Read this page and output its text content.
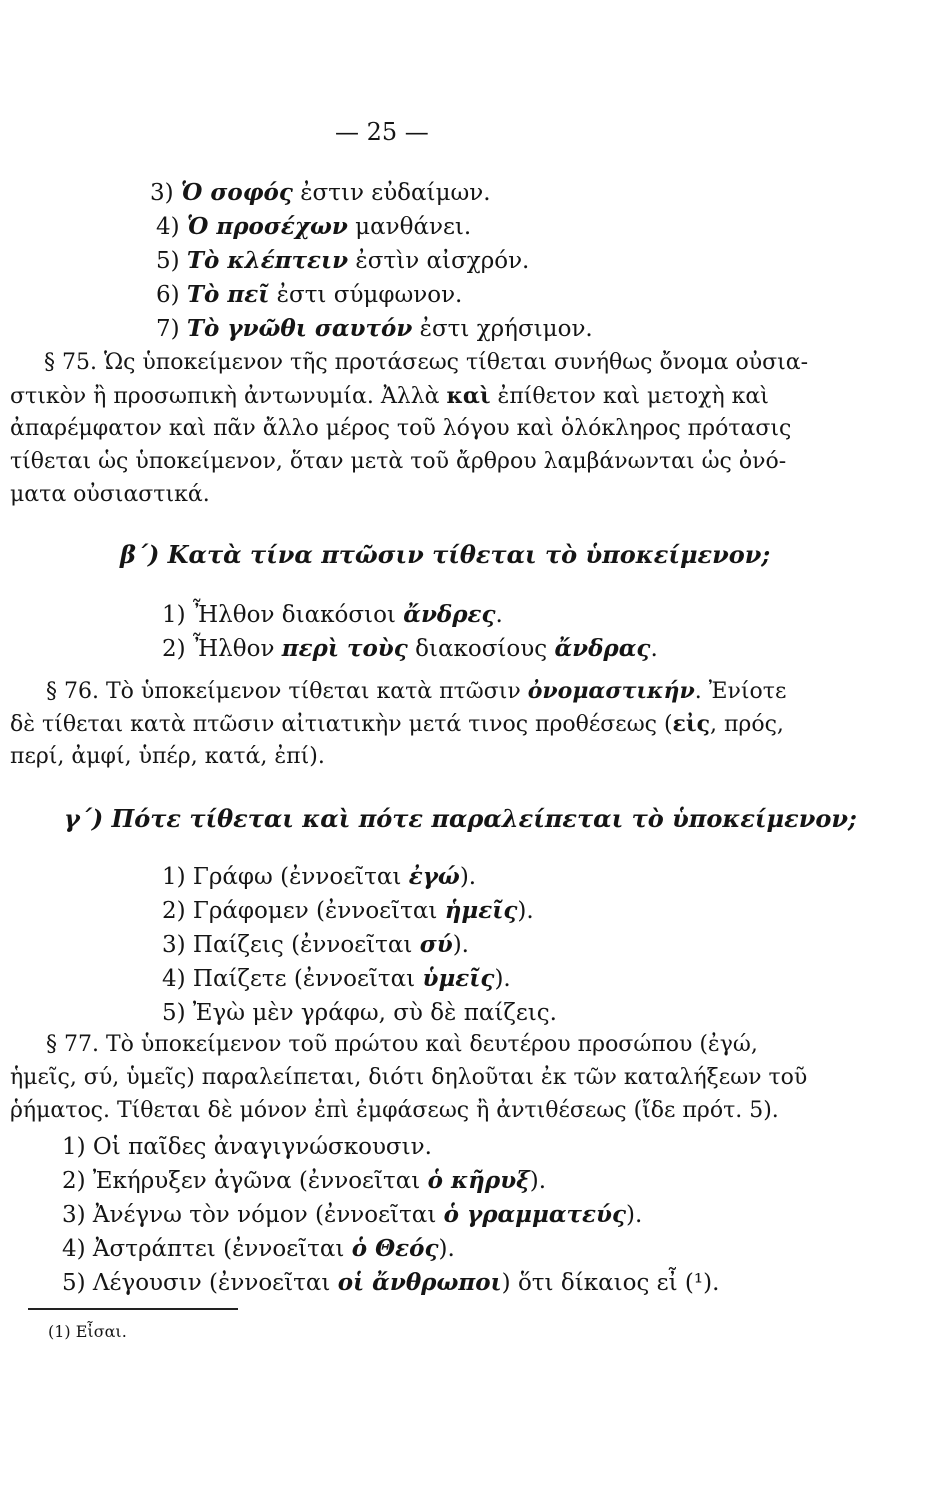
— 25 —
3) Ὁ σοφός ἐστιν εὐδαίμων.
4) Ὁ προσέχων μανθάνει.
5) Τὸ κλέπτειν ἐστὶν αἰσχρόν.
6) Τὸ πεῖ ἐστι σύμφωνον.
7) Τὸ γνῶθι σαυτόν ἐστι χρήσιμον.
§ 75. Ὡς ὑποκείμενον τῆς προτάσεως τίθεται συνήθως ὄνομα οὐσια-
στικὸν ἢ προσωπικὴ ἀντωνυμία. Ἀλλὰ καὶ ἐπίθετον καὶ μετοχὴ καὶ
ἀπαρέμφατον καὶ πᾶν ἄλλο μέρος τοῦ λόγου καὶ ὁλόκληρος πρότασις
τίθεται ὡς ὑποκείμενον, ὅταν μετὰ τοῦ ἄρθρου λαμβάνωνται ὡς ὀνό-
ματα οὐσιαστικά.
β΄) Κατὰ τίνα πτῶσιν τίθεται τὸ ὑποκείμενον;
1) Ἦλθον διακόσιοι ἄνδρες.
2) Ἦλθον περὶ τοὺς διακοσίους ἄνδρας.
§ 76. Τὸ ὑποκείμενον τίθεται κατὰ πτῶσιν ὀνομαστικήν. Ἐνίοτε
δὲ τίθεται κατὰ πτῶσιν αἰτιατικὴν μετά τινος προθέσεως (εἰς, πρός,
περί, ἀμφί, ὑπέρ, κατά, ἐπί).
γ΄) Πότε τίθεται καὶ πότε παραλείπεται τὸ ὑποκείμενον;
1) Γράφω (ἐννοεῖται ἐγώ).
2) Γράφομεν (ἐννοεῖται ἡμεῖς).
3) Παίζεις (ἐννοεῖται σύ).
4) Παίζετε (ἐννοεῖται ὑμεῖς).
5) Ἐγὼ μὲν γράφω, σὺ δὲ παίζεις.
§ 77. Τὸ ὑποκείμενον τοῦ πρώτου καὶ δευτέρου προσώπου (ἐγώ,
ἡμεῖς, σύ, ὑμεῖς) παραλείπεται, διότι δηλοῦται ἐκ τῶν καταλήξεων τοῦ
ῥήματος. Τίθεται δὲ μόνον ἐπὶ ἐμφάσεως ἢ ἀντιθέσεως (ἴδε πρότ. 5).
1) Οἱ παῖδες ἀναγιγνώσκουσιν.
2) Ἐκήρυξεν ἀγῶνα (ἐννοεῖται ὁ κῆρυξ).
3) Ἀνέγνω τὸν νόμον (ἐννοεῖται ὁ γραμματεύς).
4) Ἀστράπτει (ἐννοεῖται ὁ Θεός).
5) Λέγουσιν (ἐννοεῖται οἱ ἄνθρωποι) ὅτι δίκαιος εἶ (¹).
(1) Εἶσαι.
